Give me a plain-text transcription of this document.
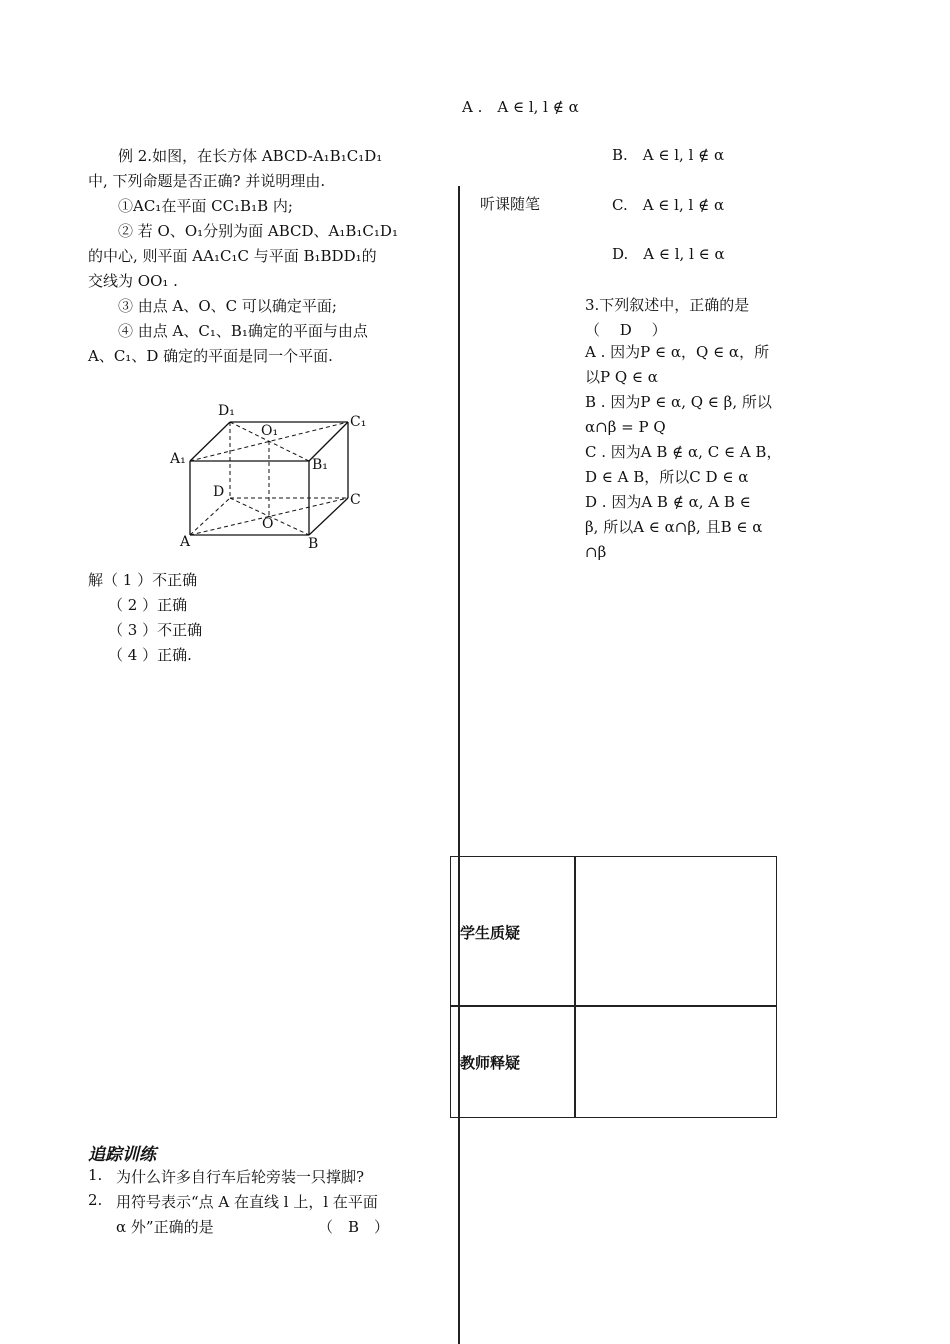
　　例 2.如图，在长方体 ABCD-A₁B₁C₁D₁
中, 下列命题是否正确? 并说明理由.
　　①AC₁在平面 CC₁B₁B 内;
　　② 若 O、O₁分别为面 ABCD、A₁B₁C₁D₁
的中心, 则平面 AA₁C₁C 与平面 B₁BDD₁的
交线为 OO₁ .
　　③ 由点 A、O、C 可以确定平面;
　　④ 由点 A、C₁、B₁确定的平面与由点
A、C₁、D 确定的平面是同一个平面.
D₁
C₁
A₁	B₁
O₁
D	C
A	B
O
解（ 1 ）不正确
（ 2 ）正确
（ 3 ）不正确
（ 4 ）正确.
追踪训练
1. 为什么许多自行车后轮旁装一只撑脚?
2. 用符号表示“点 A 在直线 l 上，l 在平面
α 外”正确的是	（　B　）
A .　A ∈ l, l ∉ α
B.　A ∈ l, l ∉ α
C.　A ∈ l, l ∉ α
D.　A ∈ l, l ∈ α
听课随笔
3.下列叙述中，正确的是
（　 D　 ）
A . 因为P ∈ α，Q ∈ α，所
以P Q ∈ α
B . 因为P ∈ α, Q ∈ β, 所以
α∩β = P Q
C . 因为A B ∉ α, C ∈ A B，
D ∈ A B，所以C D ∈ α
D . 因为A B ∉ α, A B ∈
β, 所以A ∈ α∩β, 且B ∈ α
∩β
学生质疑
教师释疑
